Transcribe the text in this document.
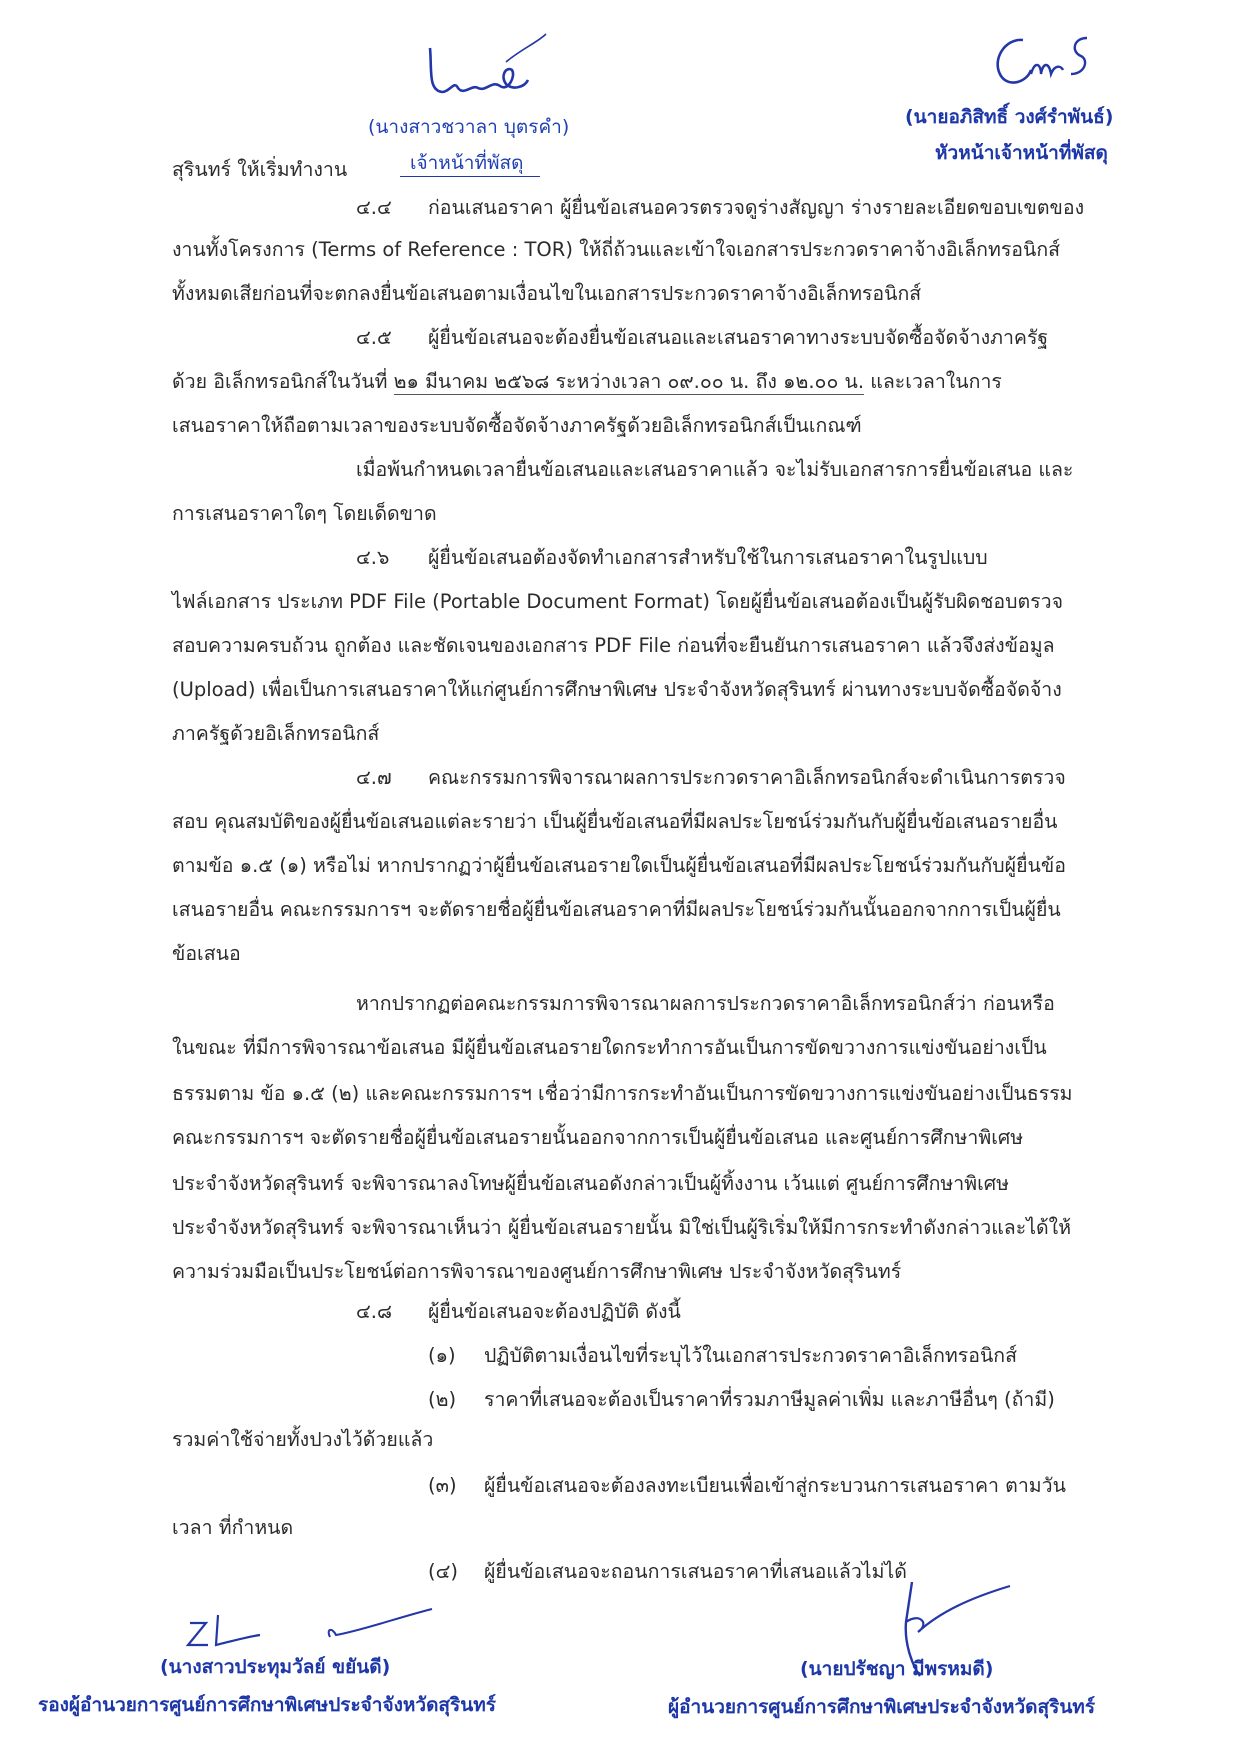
(นางสาวชวาลา บุตรคำ)
เจ้าหน้าที่พัสดุ
(นายอภิสิทธิ์ วงศ์รำพันธ์)
หัวหน้าเจ้าหน้าที่พัสดุ
สุรินทร์ ให้เริ่มทำงาน
๔.๔ ก่อนเสนอราคา ผู้ยื่นข้อเสนอควรตรวจดูร่างสัญญา ร่างรายละเอียดขอบเขตของ
งานทั้งโครงการ (Terms of Reference : TOR) ให้ถี่ถ้วนและเข้าใจเอกสารประกวดราคาจ้างอิเล็กทรอนิกส์
ทั้งหมดเสียก่อนที่จะตกลงยื่นข้อเสนอตามเงื่อนไขในเอกสารประกวดราคาจ้างอิเล็กทรอนิกส์
๔.๕ ผู้ยื่นข้อเสนอจะต้องยื่นข้อเสนอและเสนอราคาทางระบบจัดซื้อจัดจ้างภาครัฐ
ด้วย อิเล็กทรอนิกส์ในวันที่ ๒๑ มีนาคม ๒๕๖๘ ระหว่างเวลา ๐๙.๐๐ น. ถึง ๑๒.๐๐ น. และเวลาในการ
เสนอราคาให้ถือตามเวลาของระบบจัดซื้อจัดจ้างภาครัฐด้วยอิเล็กทรอนิกส์เป็นเกณฑ์
เมื่อพ้นกำหนดเวลายื่นข้อเสนอและเสนอราคาแล้ว จะไม่รับเอกสารการยื่นข้อเสนอ และ
การเสนอราคาใดๆ โดยเด็ดขาด
๔.๖ ผู้ยื่นข้อเสนอต้องจัดทำเอกสารสำหรับใช้ในการเสนอราคาในรูปแบบ
ไฟล์เอกสาร ประเภท PDF File (Portable Document Format) โดยผู้ยื่นข้อเสนอต้องเป็นผู้รับผิดชอบตรวจ
สอบความครบถ้วน ถูกต้อง และชัดเจนของเอกสาร PDF File ก่อนที่จะยืนยันการเสนอราคา แล้วจึงส่งข้อมูล
(Upload) เพื่อเป็นการเสนอราคาให้แก่ศูนย์การศึกษาพิเศษ ประจำจังหวัดสุรินทร์ ผ่านทางระบบจัดซื้อจัดจ้าง
ภาครัฐด้วยอิเล็กทรอนิกส์
๔.๗ คณะกรรมการพิจารณาผลการประกวดราคาอิเล็กทรอนิกส์จะดำเนินการตรวจ
สอบ คุณสมบัติของผู้ยื่นข้อเสนอแต่ละรายว่า เป็นผู้ยื่นข้อเสนอที่มีผลประโยชน์ร่วมกันกับผู้ยื่นข้อเสนอรายอื่น
ตามข้อ ๑.๕ (๑) หรือไม่ หากปรากฏว่าผู้ยื่นข้อเสนอรายใดเป็นผู้ยื่นข้อเสนอที่มีผลประโยชน์ร่วมกันกับผู้ยื่นข้อ
เสนอรายอื่น คณะกรรมการฯ จะตัดรายชื่อผู้ยื่นข้อเสนอราคาที่มีผลประโยชน์ร่วมกันนั้นออกจากการเป็นผู้ยื่น
ข้อเสนอ
หากปรากฏต่อคณะกรรมการพิจารณาผลการประกวดราคาอิเล็กทรอนิกส์ว่า ก่อนหรือ
ในขณะ ที่มีการพิจารณาข้อเสนอ มีผู้ยื่นข้อเสนอรายใดกระทำการอันเป็นการขัดขวางการแข่งขันอย่างเป็น
ธรรมตาม ข้อ ๑.๕ (๒) และคณะกรรมการฯ เชื่อว่ามีการกระทำอันเป็นการขัดขวางการแข่งขันอย่างเป็นธรรม
คณะกรรมการฯ จะตัดรายชื่อผู้ยื่นข้อเสนอรายนั้นออกจากการเป็นผู้ยื่นข้อเสนอ และศูนย์การศึกษาพิเศษ
ประจำจังหวัดสุรินทร์ จะพิจารณาลงโทษผู้ยื่นข้อเสนอดังกล่าวเป็นผู้ทิ้งงาน เว้นแต่ ศูนย์การศึกษาพิเศษ
ประจำจังหวัดสุรินทร์ จะพิจารณาเห็นว่า ผู้ยื่นข้อเสนอรายนั้น มิใช่เป็นผู้ริเริ่มให้มีการกระทำดังกล่าวและได้ให้
ความร่วมมือเป็นประโยชน์ต่อการพิจารณาของศูนย์การศึกษาพิเศษ ประจำจังหวัดสุรินทร์
๔.๘ ผู้ยื่นข้อเสนอจะต้องปฏิบัติ ดังนี้
(๑) ปฏิบัติตามเงื่อนไขที่ระบุไว้ในเอกสารประกวดราคาอิเล็กทรอนิกส์
(๒) ราคาที่เสนอจะต้องเป็นราคาที่รวมภาษีมูลค่าเพิ่ม และภาษีอื่นๆ (ถ้ามี)
รวมค่าใช้จ่ายทั้งปวงไว้ด้วยแล้ว
(๓) ผู้ยื่นข้อเสนอจะต้องลงทะเบียนเพื่อเข้าสู่กระบวนการเสนอราคา ตามวัน
เวลา ที่กำหนด
(๔) ผู้ยื่นข้อเสนอจะถอนการเสนอราคาที่เสนอแล้วไม่ได้
(นางสาวประทุมวัลย์ ขยันดี)
รองผู้อำนวยการศูนย์การศึกษาพิเศษประจำจังหวัดสุรินทร์
(นายปรัชญา มีพรหมดี)
ผู้อำนวยการศูนย์การศึกษาพิเศษประจำจังหวัดสุรินทร์
